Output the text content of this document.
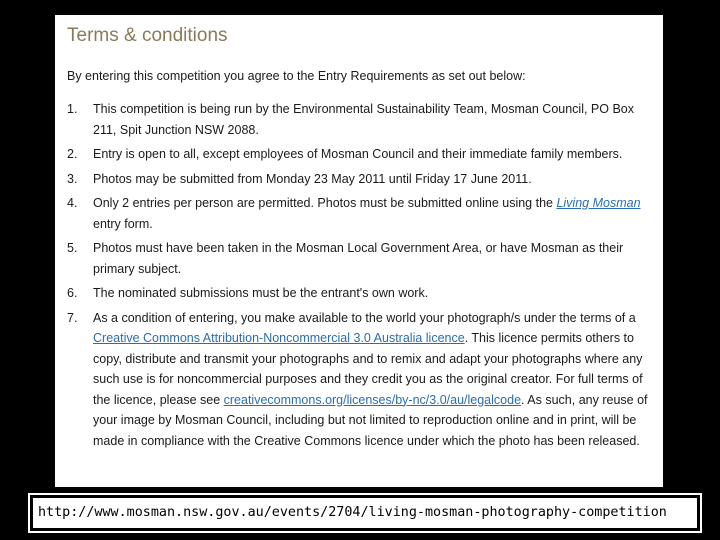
Terms & conditions
By entering this competition you agree to the Entry Requirements as set out below:
1.	This competition is being run by the Environmental Sustainability Team, Mosman Council, PO Box 211, Spit Junction NSW 2088.
2.	Entry is open to all, except employees of Mosman Council and their immediate family members.
3.	Photos may be submitted from Monday 23 May 2011 until Friday 17 June 2011.
4.	Only 2 entries per person are permitted. Photos must be submitted online using the Living Mosman entry form.
5.	Photos must have been taken in the Mosman Local Government Area, or have Mosman as their primary subject.
6.	The nominated submissions must be the entrant's own work.
7.	As a condition of entering, you make available to the world your photograph/s under the terms of a Creative Commons Attribution-Noncommercial 3.0 Australia licence. This licence permits others to copy, distribute and transmit your photographs and to remix and adapt your photographs where any such use is for noncommercial purposes and they credit you as the original creator. For full terms of the licence, please see creativecommons.org/licenses/by-nc/3.0/au/legalcode. As such, any reuse of your image by Mosman Council, including but not limited to reproduction online and in print, will be made in compliance with the Creative Commons licence under which the photo has been released.
http://www.mosman.nsw.gov.au/events/2704/living-mosman-photography-competition
